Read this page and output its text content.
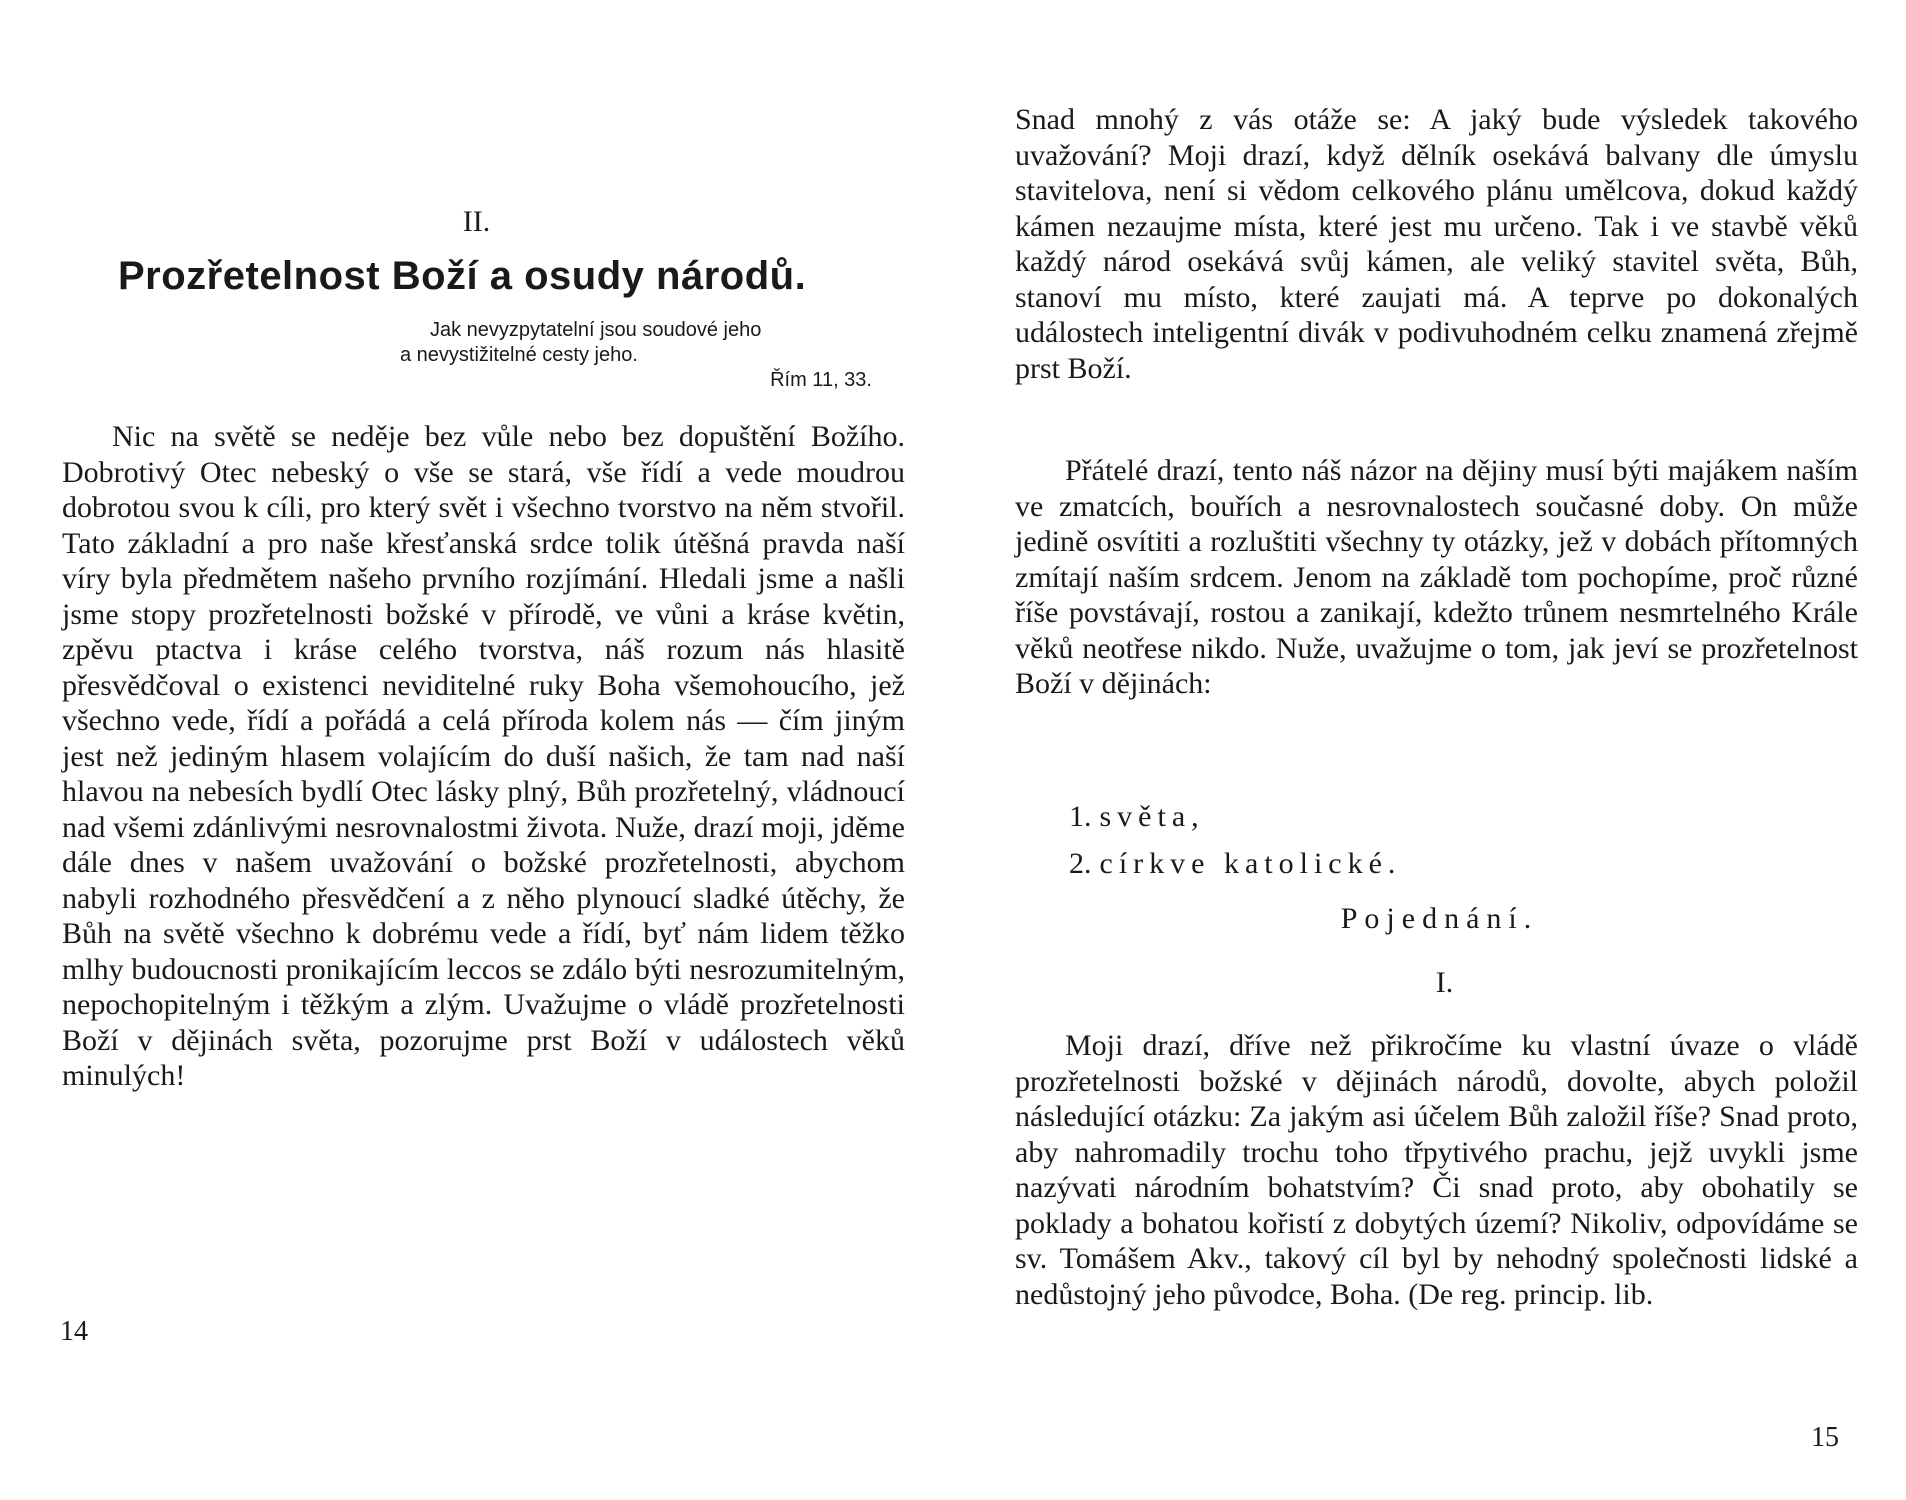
II.
Prozřetelnost Boží a osudy národů.
Jak nevyzpytatelní jsou soudové jeho
a nevystižitelné cesty jeho.
Řím 11, 33.

Nic na světě se neděje bez vůle nebo bez dopuštění Božího. Dobrotivý Otec nebeský o vše se stará, vše řídí a vede moudrou dobrotou svou k cíli, pro který svět i všechno tvorstvo na něm stvořil. Tato základní a pro naše křesťanská srdce tolik útěšná pravda naší víry byla předmětem našeho prvního rozjímání. Hledali jsme a našli jsme stopy prozřetelnosti božské v přírodě, ve vůni a kráse květin, zpěvu ptactva i kráse celého tvorstva, náš rozum nás hlasitě přesvědčoval o existenci neviditelné ruky Boha všemohoucího, jež všechno vede, řídí a pořádá a celá příroda kolem nás — čím jiným jest než jediným hlasem volajícím do duší našich, že tam nad naší hlavou na nebesích bydlí Otec lásky plný, Bůh prozřetelný, vládnoucí nad všemi zdánlivými nesrovnalostmi života. Nuže, drazí moji, jděme dále dnes v našem uvažování o božské prozřetelnosti, abychom nabyli rozhodného přesvědčení a z něho plynoucí sladké útěchy, že Bůh na světě všechno k dobrému vede a řídí, byť nám lidem těžko mlhy budoucnosti pronikajícím leccos se zdálo býti nesrozumitelným, nepochopitelným i těžkým a zlým. Uvažujme o vládě prozřetelnosti Boží v dějinách světa, pozorujme prst Boží v událostech věků minulých!

14

Snad mnohý z vás otáže se: A jaký bude výsledek takového uvažování? Moji drazí, když dělník osekává balvany dle úmyslu stavitelova, není si vědom celkového plánu umělcova, dokud každý kámen nezaujme místa, které jest mu určeno. Tak i ve stavbě věků každý národ osekává svůj kámen, ale veliký stavitel světa, Bůh, stanoví mu místo, které zaujati má. A teprve po dokonalých událostech inteligentní divák v podivuhodném celku znamená zřejmě prst Boží.

Přátelé drazí, tento náš názor na dějiny musí býti majákem naším ve zmatcích, bouřích a nesrovnalostech současné doby. On může jedině osvítiti a rozluštiti všechny ty otázky, jež v dobách přítomných zmítají naším srdcem. Jenom na základě tom pochopíme, proč různé říše povstávají, rostou a zanikají, kdežto trůnem nesmrtelného Krále věků neotřese nikdo. Nuže, uvažujme o tom, jak jeví se prozřetelnost Boží v dějinách:

1. světa,
2. církve katolické.
Pojednání.
I.

Moji drazí, dříve než přikročíme ku vlastní úvaze o vládě prozřetelnosti božské v dějinách národů, dovolte, abych položil následující otázku: Za jakým asi účelem Bůh založil říše? Snad proto, aby nahromadily trochu toho třpytivého prachu, jejž uvykli jsme nazývati národním bohatstvím? Či snad proto, aby obohatily se poklady a bohatou kořistí z dobytých území? Nikoliv, odpovídáme se sv. Tomášem Akv., takový cíl byl by nehodný společnosti lidské a nedůstojný jeho původce, Boha. (De reg. princip. lib.

15
